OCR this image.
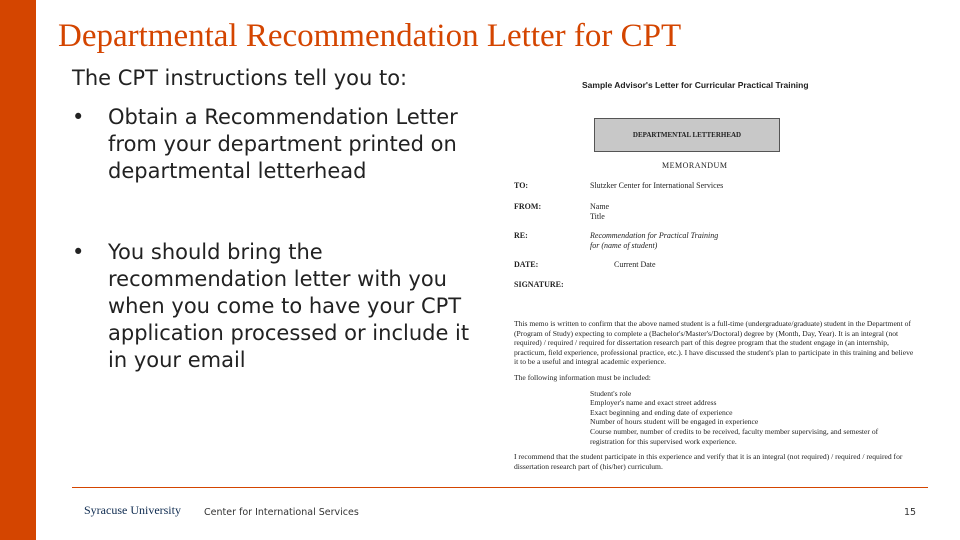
Departmental Recommendation Letter for CPT
The CPT instructions tell you to:
• Obtain a Recommendation Letter from your department printed on departmental letterhead
• You should bring the recommendation letter with you when you come to have your CPT application processed or include it in your email
Sample Advisor's Letter for Curricular Practical Training
DEPARTMENTAL LETTERHEAD
MEMORANDUM
TO:	Slutzker Center for International Services
FROM:	Name
Title
RE:	Recommendation for Practical Training
for (name of student)
DATE:	Current Date
SIGNATURE:

This memo is written to confirm that the above named student is a full-time (undergraduate/graduate) student in the Department of (Program of Study) expecting to complete a (Bachelor's/Master's/Doctoral) degree by (Month, Day, Year). It is an integral (not required) / required / required for dissertation research part of this degree program that the student engage in (an internship, practicum, field experience, professional practice, etc.). I have discussed the student's plan to participate in this training and believe it to be a useful and integral academic experience.

The following information must be included:

Student's role
Employer's name and exact street address
Exact beginning and ending date of experience
Number of hours student will be engaged in experience
Course number, number of credits to be received, faculty member supervising, and semester of registration for this supervised work experience.

I recommend that the student participate in this experience and verify that it is an integral (not required) / required / required for dissertation research part of (his/her) curriculum.

Syracuse University Center for International Services	15
